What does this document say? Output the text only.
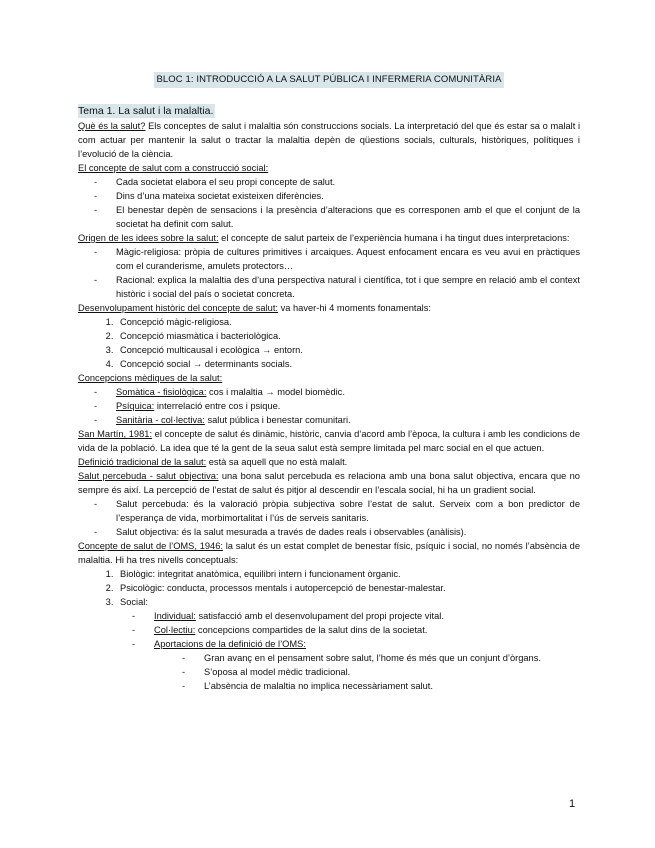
BLOC 1: INTRODUCCIÓ A LA SALUT PÚBLICA I INFERMERIA COMUNITÀRIA
Tema 1. La salut i la malaltia.

Què és la salut? Els conceptes de salut i malaltia són construccions socials. La interpretació del que és estar sa o malalt i com actuar per mantenir la salut o tractar la malaltia depèn de qüestions socials, culturals, històriques, polítiques i l’evolució de la ciència.

El concepte de salut com a construcció social:

- Cada societat elabora el seu propi concepte de salut.
- Dins d’una mateixa societat existeixen diferències.
- El benestar depèn de sensacions i la presència d’alteracions que es corresponen amb el que el conjunt de la societat ha definit com salut.

Origen de les idees sobre la salut: el concepte de salut parteix de l’experiència humana i ha tingut dues interpretacions:

- Màgic-religiosa: pròpia de cultures primitives i arcaiques. Aquest enfocament encara es veu avui en pràctiques com el curanderisme, amulets protectors…
- Racional: explica la malaltia des d’una perspectiva natural i científica, tot i que sempre en relació amb el context històric i social del país o societat concreta.

Desenvolupament històric del concepte de salut: va haver-hi 4 moments fonamentals:

1. Concepció màgic-religiosa.
2. Concepció miasmàtica i bacteriològica.
3. Concepció multicausal i ecològica → entorn.
4. Concepció social → determinants socials.

Concepcions mèdiques de la salut:

- Somàtica - fisiològica: cos i malaltia → model biomèdic.
- Psíquica: interrelació entre cos i psique.
- Sanitària - col·lectiva: salut pública i benestar comunitari.

San Martín, 1981: el concepte de salut és dinàmic, històric, canvia d’acord amb l’època, la cultura i amb les condicions de vida de la població. La idea que té la gent de la seua salut està sempre limitada pel marc social en el que actuen.

Definició tradicional de la salut: està sa aquell que no està malalt.

Salut percebuda - salut objectiva: una bona salut percebuda es relaciona amb una bona salut objectiva, encara que no sempre és així. La percepció de l’estat de salut és pitjor al descendir en l’escala social, hi ha un gradient social.

- Salut percebuda: és la valoració pròpia subjectiva sobre l’estat de salut. Serveix com a bon predictor de l’esperança de vida, morbimortalitat i l’ús de serveis sanitaris.
- Salut objectiva: és la salut mesurada a través de dades reals i observables (anàlisis).

Concepte de salut de l’OMS, 1946: la salut és un estat complet de benestar físic, psíquic i social, no només l’absència de malaltia. Hi ha tres nivells conceptuals:

1. Biològic: integritat anatòmica, equilibri intern i funcionament òrganic.
2. Psicològic: conducta, processos mentals i autopercepció de benestar-malestar.
3. Social:
- Individual: satisfacció amb el desenvolupament del propi projecte vital.
- Col·lectiu: concepcions compartides de la salut dins de la societat.
- Aportacions de la definició de l’OMS:
- Gran avanç en el pensament sobre salut, l’home és més que un conjunt d’òrgans.
- S’oposa al model mèdic tradicional.
- L’absència de malaltia no implica necessàriament salut.
1
